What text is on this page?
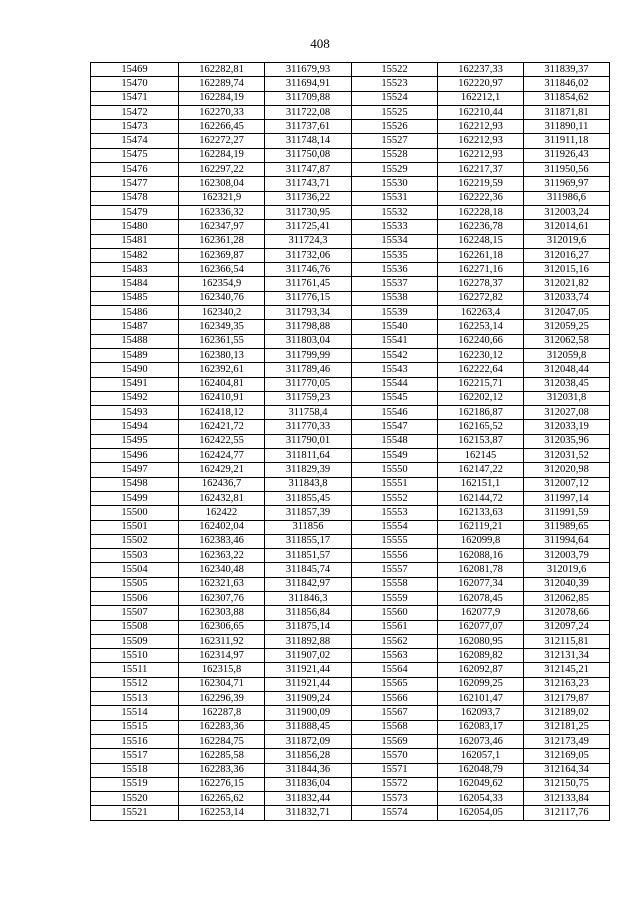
408
15469	162282,81	311679,93	15522	162237,33	311839,37
15470	162289,74	311694,91	15523	162220,97	311846,02
15471	162284,19	311709,88	15524	162212,1	311854,62
15472	162270,33	311722,08	15525	162210,44	311871,81
15473	162266,45	311737,61	15526	162212,93	311890,11
15474	162272,27	311748,14	15527	162212,93	311911,18
15475	162284,19	311750,08	15528	162212,93	311926,43
15476	162297,22	311747,87	15529	162217,37	311950,56
15477	162308,04	311743,71	15530	162219,59	311969,97
15478	162321,9	311736,22	15531	162222,36	311986,6
15479	162336,32	311730,95	15532	162228,18	312003,24
15480	162347,97	311725,41	15533	162236,78	312014,61
15481	162361,28	311724,3	15534	162248,15	312019,6
15482	162369,87	311732,06	15535	162261,18	312016,27
15483	162366,54	311746,76	15536	162271,16	312015,16
15484	162354,9	311761,45	15537	162278,37	312021,82
15485	162340,76	311776,15	15538	162272,82	312033,74
15486	162340,2	311793,34	15539	162263,4	312047,05
15487	162349,35	311798,88	15540	162253,14	312059,25
15488	162361,55	311803,04	15541	162240,66	312062,58
15489	162380,13	311799,99	15542	162230,12	312059,8
15490	162392,61	311789,46	15543	162222,64	312048,44
15491	162404,81	311770,05	15544	162215,71	312038,45
15492	162410,91	311759,23	15545	162202,12	312031,8
15493	162418,12	311758,4	15546	162186,87	312027,08
15494	162421,72	311770,33	15547	162165,52	312033,19
15495	162422,55	311790,01	15548	162153,87	312035,96
15496	162424,77	311811,64	15549	162145	312031,52
15497	162429,21	311829,39	15550	162147,22	312020,98
15498	162436,7	311843,8	15551	162151,1	312007,12
15499	162432,81	311855,45	15552	162144,72	311997,14
15500	162422	311857,39	15553	162133,63	311991,59
15501	162402,04	311856	15554	162119,21	311989,65
15502	162383,46	311855,17	15555	162099,8	311994,64
15503	162363,22	311851,57	15556	162088,16	312003,79
15504	162340,48	311845,74	15557	162081,78	312019,6
15505	162321,63	311842,97	15558	162077,34	312040,39
15506	162307,76	311846,3	15559	162078,45	312062,85
15507	162303,88	311856,84	15560	162077,9	312078,66
15508	162306,65	311875,14	15561	162077,07	312097,24
15509	162311,92	311892,88	15562	162080,95	312115,81
15510	162314,97	311907,02	15563	162089,82	312131,34
15511	162315,8	311921,44	15564	162092,87	312145,21
15512	162304,71	311921,44	15565	162099,25	312163,23
15513	162296,39	311909,24	15566	162101,47	312179,87
15514	162287,8	311900,09	15567	162093,7	312189,02
15515	162283,36	311888,45	15568	162083,17	312181,25
15516	162284,75	311872,09	15569	162073,46	312173,49
15517	162285,58	311856,28	15570	162057,1	312169,05
15518	162283,36	311844,36	15571	162048,79	312164,34
15519	162276,15	311836,04	15572	162049,62	312150,75
15520	162265,62	311832,44	15573	162054,33	312133,84
15521	162253,14	311832,71	15574	162054,05	312117,76
